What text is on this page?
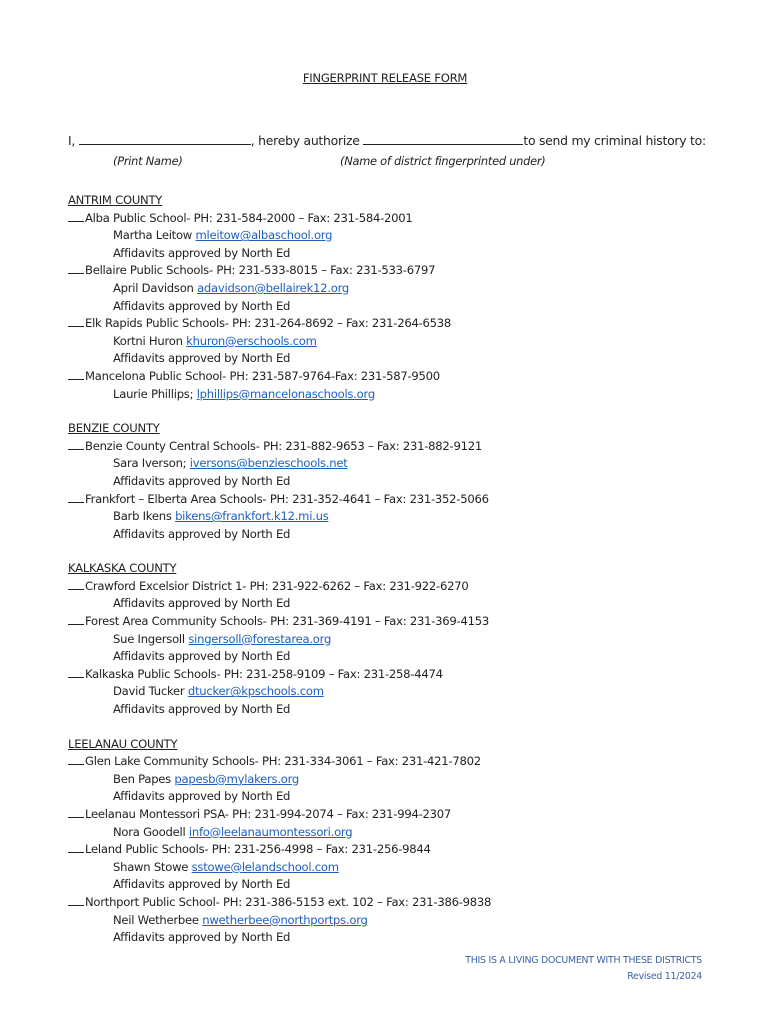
FINGERPRINT RELEASE FORM
I,	, hereby authorize	to send my criminal history to:
(Print Name)	(Name of district fingerprinted under)
ANTRIM COUNTY
Alba Public School- PH: 231-584-2000 – Fax: 231-584-2001
Martha Leitow mleitow@albaschool.org
Affidavits approved by North Ed
Bellaire Public Schools- PH: 231-533-8015 – Fax: 231-533-6797
April Davidson adavidson@bellairek12.org
Affidavits approved by North Ed
Elk Rapids Public Schools- PH: 231-264-8692 – Fax: 231-264-6538
Kortni Huron khuron@erschools.com
Affidavits approved by North Ed
Mancelona Public School- PH: 231-587-9764-Fax: 231-587-9500
Laurie Phillips; lphillips@mancelonaschools.org
BENZIE COUNTY
Benzie County Central Schools- PH: 231-882-9653 – Fax: 231-882-9121
Sara Iverson; iversons@benzieschools.net
Affidavits approved by North Ed
Frankfort – Elberta Area Schools- PH: 231-352-4641 – Fax: 231-352-5066
Barb Ikens bikens@frankfort.k12.mi.us
Affidavits approved by North Ed
KALKASKA COUNTY
Crawford Excelsior District 1- PH: 231-922-6262 – Fax: 231-922-6270
Affidavits approved by North Ed
Forest Area Community Schools- PH: 231-369-4191 – Fax: 231-369-4153
Sue Ingersoll singersoll@forestarea.org
Affidavits approved by North Ed
Kalkaska Public Schools- PH: 231-258-9109 – Fax: 231-258-4474
David Tucker dtucker@kpschools.com
Affidavits approved by North Ed
LEELANAU COUNTY
Glen Lake Community Schools- PH: 231-334-3061 – Fax: 231-421-7802
Ben Papes papesb@mylakers.org
Affidavits approved by North Ed
Leelanau Montessori PSA- PH: 231-994-2074 – Fax: 231-994-2307
Nora Goodell info@leelanaumontessori.org
Leland Public Schools- PH: 231-256-4998 – Fax: 231-256-9844
Shawn Stowe sstowe@lelandschool.com
Affidavits approved by North Ed
Northport Public School- PH: 231-386-5153 ext. 102 – Fax: 231-386-9838
Neil Wetherbee nwetherbee@northportps.org
Affidavits approved by North Ed
THIS IS A LIVING DOCUMENT WITH THESE DISTRICTS
Revised 11/2024
